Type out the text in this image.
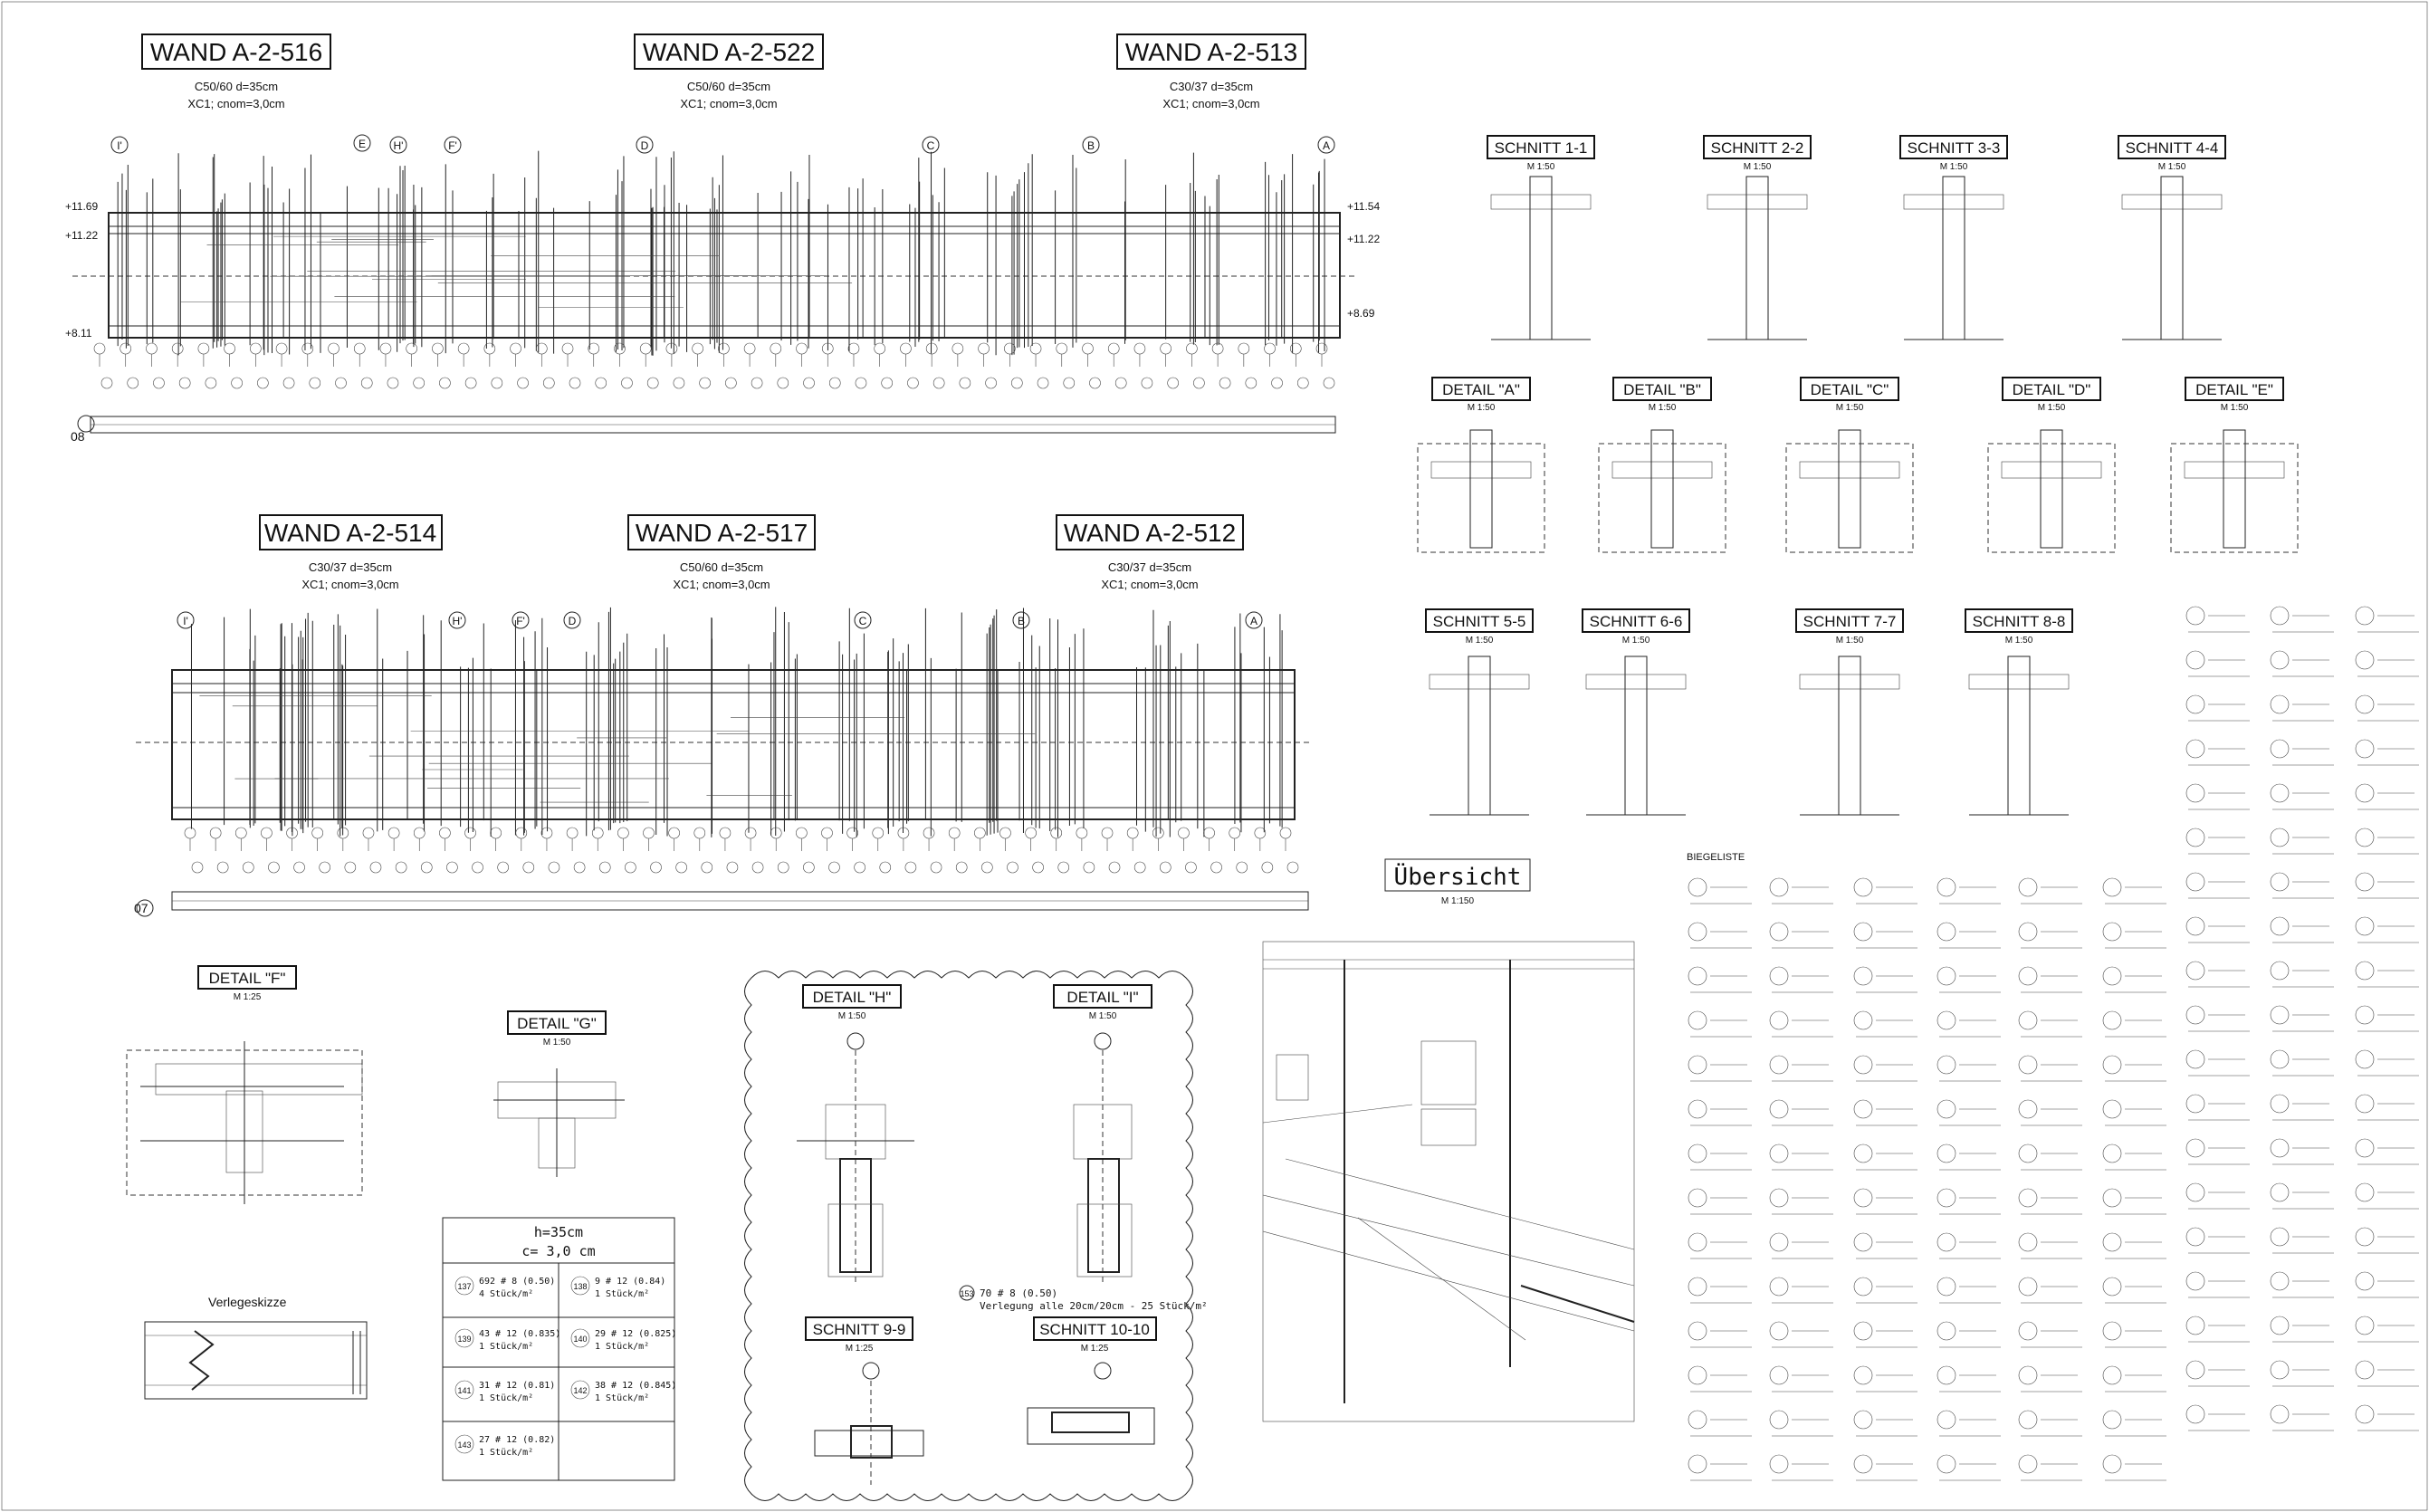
WAND A-2-516
C50/60 d=35cm
XC1; cnom=3,0cm
WAND A-2-522
C50/60 d=35cm
XC1; cnom=3,0cm
WAND A-2-513
C30/37 d=35cm
XC1; cnom=3,0cm
I'	E	H'	F'	D	C	B	A
+11.69
+11.22
+8.11
+11.54
+11.22
+8.69
08
WAND A-2-514
C30/37 d=35cm
XC1; cnom=3,0cm
WAND A-2-517
C50/60 d=35cm
XC1; cnom=3,0cm
WAND A-2-512
C30/37 d=35cm
XC1; cnom=3,0cm
I'	H'	F'	D	C	B	A
07
SCHNITT 1-1
M 1:50
SCHNITT 2-2
M 1:50
SCHNITT 3-3
M 1:50
SCHNITT 4-4
M 1:50
DETAIL "A"
M 1:50
DETAIL "B"
M 1:50
DETAIL "C"
M 1:50
DETAIL "D"
M 1:50
DETAIL "E"
M 1:50
SCHNITT 5-5
M 1:50
SCHNITT 6-6
M 1:50
SCHNITT 7-7
M 1:50
SCHNITT 8-8
M 1:50
DETAIL "F"
M 1:25
DETAIL "G"
M 1:50
h=35cm
c= 3,0 cm
137 692 # 8 (0.50)
4 Stück/m²
138 9 # 12 (0.84)
1 Stück/m²
139 43 # 12 (0.835)
1 Stück/m²
140 29 # 12 (0.825)
1 Stück/m²
141 31 # 12 (0.81)
1 Stück/m²
142 38 # 12 (0.845)
1 Stück/m²
143 27 # 12 (0.82)
1 Stück/m²
Verlegeskizze
DETAIL "H"
M 1:50
DETAIL "I"
M 1:50
153 70 # 8 (0.50)
Verlegung alle 20cm/20cm - 25 Stück/m²
SCHNITT 9-9
M 1:25
SCHNITT 10-10
M 1:25
Übersicht
M 1:150
BIEGELISTE
